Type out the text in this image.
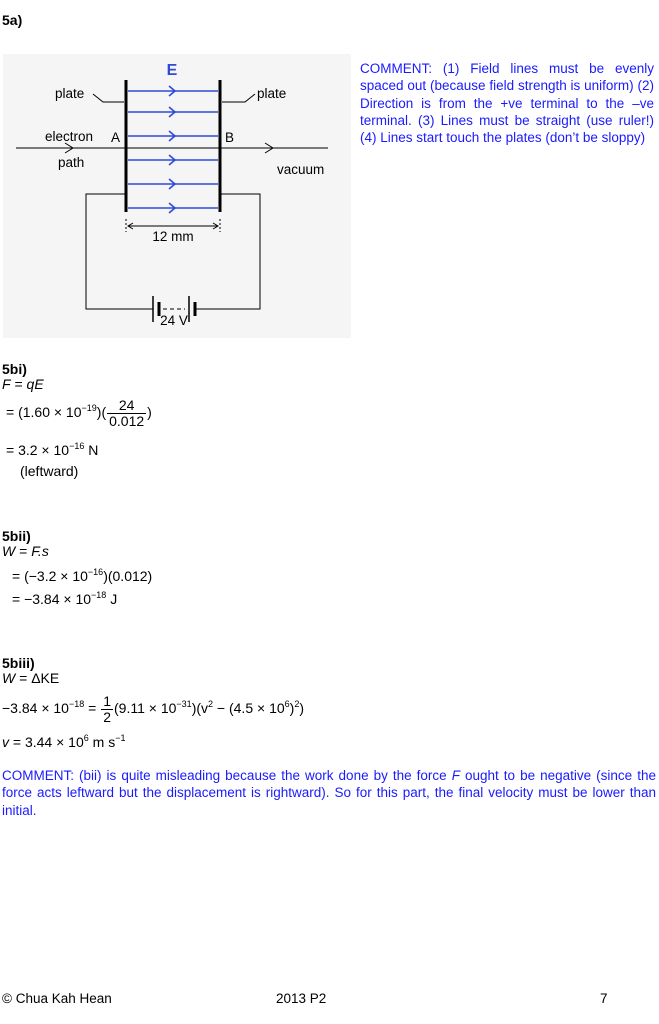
5a)
E
plate	plate
electron
path
A	B
vacuum
12 mm
24 V
COMMENT: (1) Field lines must be evenly spaced out (because field strength is uniform) (2) Direction is from the +ve terminal to the –ve terminal. (3) Lines must be straight (use ruler!) (4) Lines start touch the plates (don’t be sloppy)
5bi)
F = qE
= $(1.60 \times 10^{-19})( \frac{24}{0.012}$ )
= $3.2 \times 10^{-16}$ N
(leftward)
5bii)
W = F.s
= $(-3.2 \times 10^{-16})(0.012)$
= $-3.84 \times 10^{-18}$ J
5biii)
W = ΔKE
$-3.84 \times 10^{-18} = \frac{1}{2} (9.11 \times 10^{-31})(v^2 - (4.5 \times 10^6)^2)$
$v = 3.44 \times 10^6$ m $s^{-1}$
COMMENT: (bii) is quite misleading because the work done by the force F ought to be negative (since the force acts leftward but the displacement is rightward). So for this part, the final velocity must be lower than initial.
© Chua Kah Hean	2013 P2	7
